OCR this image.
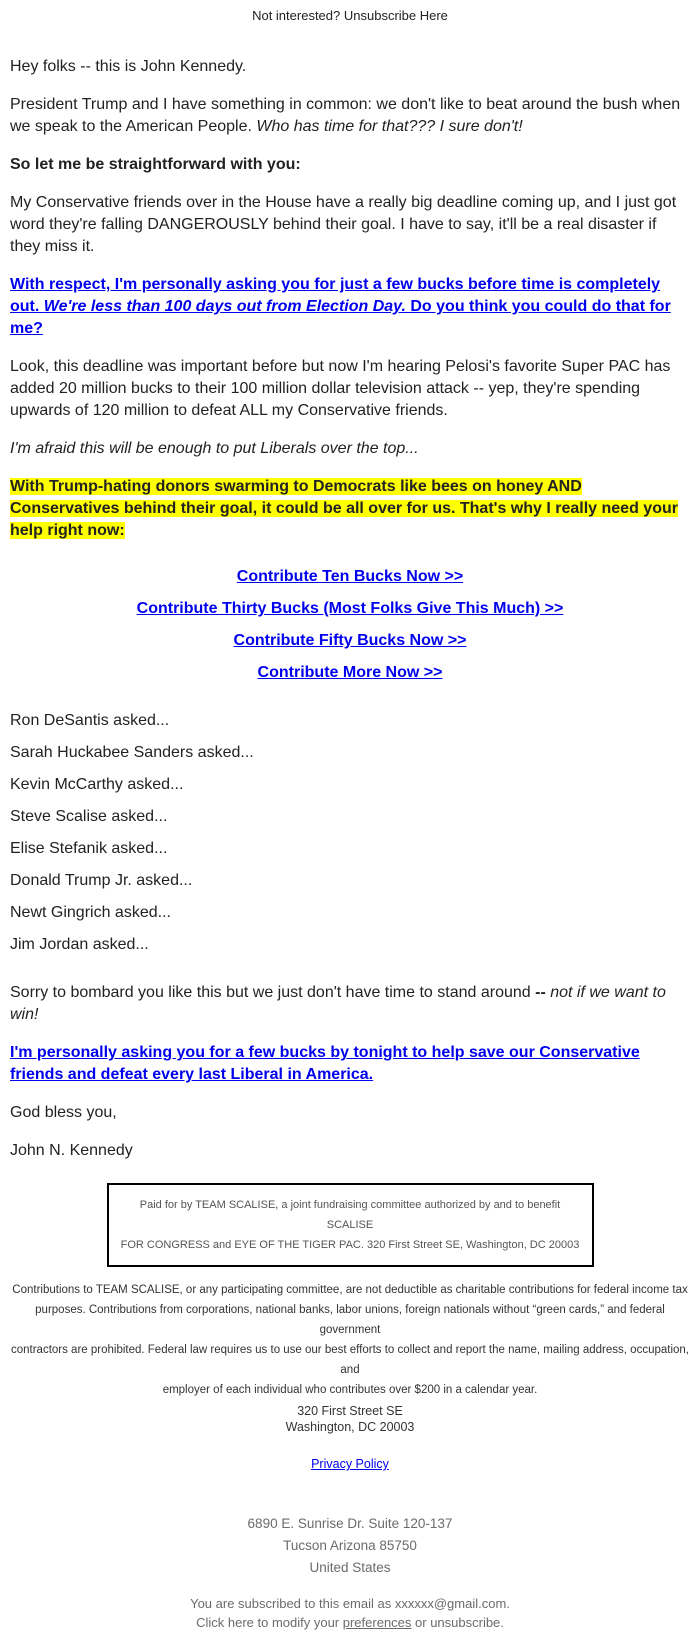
Not interested? Unsubscribe Here

Hey folks -- this is John Kennedy.

President Trump and I have something in common: we don't like to beat around the bush when we speak to the American People. Who has time for that??? I sure don't!

So let me be straightforward with you:

My Conservative friends over in the House have a really big deadline coming up, and I just got word they're falling DANGEROUSLY behind their goal. I have to say, it'll be a real disaster if they miss it.

With respect, I'm personally asking you for just a few bucks before time is completely out. We're less than 100 days out from Election Day. Do you think you could do that for me?

Look, this deadline was important before but now I'm hearing Pelosi's favorite Super PAC has added 20 million bucks to their 100 million dollar television attack -- yep, they're spending upwards of 120 million to defeat ALL my Conservative friends.

I'm afraid this will be enough to put Liberals over the top...

With Trump-hating donors swarming to Democrats like bees on honey AND Conservatives behind their goal, it could be all over for us. That's why I really need your help right now:

Contribute Ten Bucks Now >>

Contribute Thirty Bucks (Most Folks Give This Much) >>

Contribute Fifty Bucks Now >>

Contribute More Now >>

Ron DeSantis asked...

Sarah Huckabee Sanders asked...

Kevin McCarthy asked...

Steve Scalise asked...

Elise Stefanik asked...

Donald Trump Jr. asked...

Newt Gingrich asked...

Jim Jordan asked...

Sorry to bombard you like this but we just don't have time to stand around -- not if we want to win!

I'm personally asking you for a few bucks by tonight to help save our Conservative friends and defeat every last Liberal in America.

God bless you,

John N. Kennedy

Paid for by TEAM SCALISE, a joint fundraising committee authorized by and to benefit SCALISE
FOR CONGRESS and EYE OF THE TIGER PAC. 320 First Street SE, Washington, DC 20003
Contributions to TEAM SCALISE, or any participating committee, are not deductible as charitable contributions for federal income tax
purposes. Contributions from corporations, national banks, labor unions, foreign nationals without “green cards,” and federal government
contractors are prohibited. Federal law requires us to use our best efforts to collect and report the name, mailing address, occupation, and
employer of each individual who contributes over $200 in a calendar year.
320 First Street SE
Washington, DC 20003
Privacy Policy
6890 E. Sunrise Dr. Suite 120-137
Tucson Arizona 85750
United States
You are subscribed to this email as xxxxxx@gmail.com.
Click here to modify your preferences or unsubscribe.
